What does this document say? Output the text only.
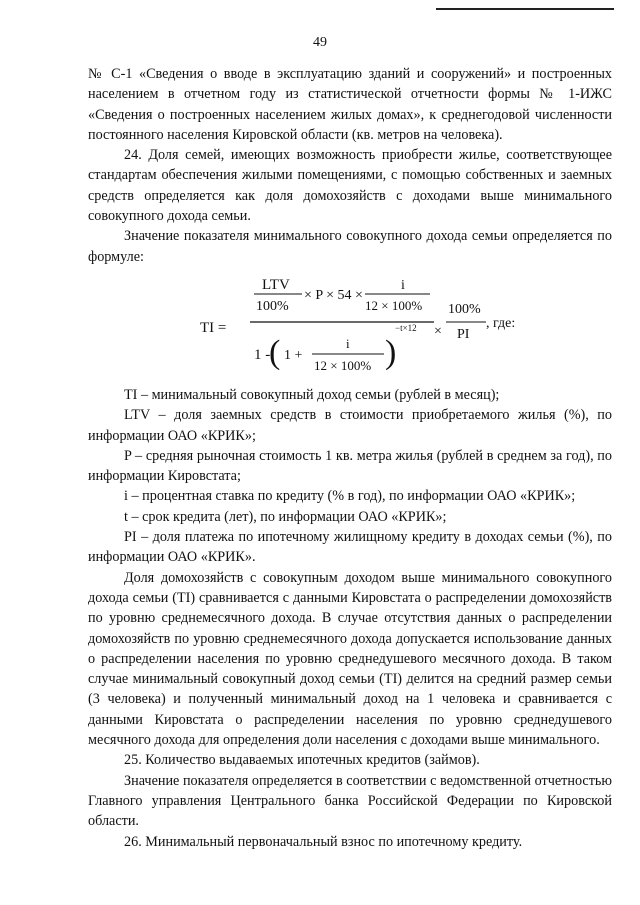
49

№ С-1 «Сведения о вводе в эксплуатацию зданий и сооружений» и построенных населением в отчетном году из статистической отчетности формы № 1-ИЖС «Сведения о построенных населением жилых домах», к среднегодовой численности постоянного населения Кировской области (кв. метров на человека).

24. Доля семей, имеющих возможность приобрести жилье, соответствующее стандартам обеспечения жилыми помещениями, с помощью собственных и заемных средств определяется как доля домохозяйств с доходами выше минимального совокупного дохода семьи.

Значение показателя минимального совокупного дохода семьи определяется по формуле:

TI =
LTV
100%
× P × 54 ×
i
12 × 100%
1 -
( 1 +
i
12 × 100% )
−t×12 ×
100%
PI
, где:

TI – минимальный совокупный доход семьи (рублей в месяц);

LTV – доля заемных средств в стоимости приобретаемого жилья (%), по информации ОАО «КРИК»;

P – средняя рыночная стоимость 1 кв. метра жилья (рублей в среднем за год), по информации Кировстата;

i – процентная ставка по кредиту (% в год), по информации ОАО «КРИК»;

t – срок кредита (лет), по информации ОАО «КРИК»;

PI – доля платежа по ипотечному жилищному кредиту в доходах семьи (%), по информации ОАО «КРИК».

Доля домохозяйств с совокупным доходом выше минимального совокупного дохода семьи (TI) сравнивается с данными Кировстата о распределении домохозяйств по уровню среднемесячного дохода. В случае отсутствия данных о распределении домохозяйств по уровню среднемесячного дохода допускается использование данных о распределении населения по уровню среднедушевого месячного дохода. В таком случае минимальный совокупный доход семьи (TI) делится на средний размер семьи (3 человека) и полученный минимальный доход на 1 человека и сравнивается с данными Кировстата о распределении населения по уровню среднедушевого месячного дохода для определения доли населения с доходами выше минимального.

25. Количество выдаваемых ипотечных кредитов (займов).

Значение показателя определяется в соответствии с ведомственной отчетностью Главного управления Центрального банка Российской Федерации по Кировской области.

26. Минимальный первоначальный взнос по ипотечному кредиту.
